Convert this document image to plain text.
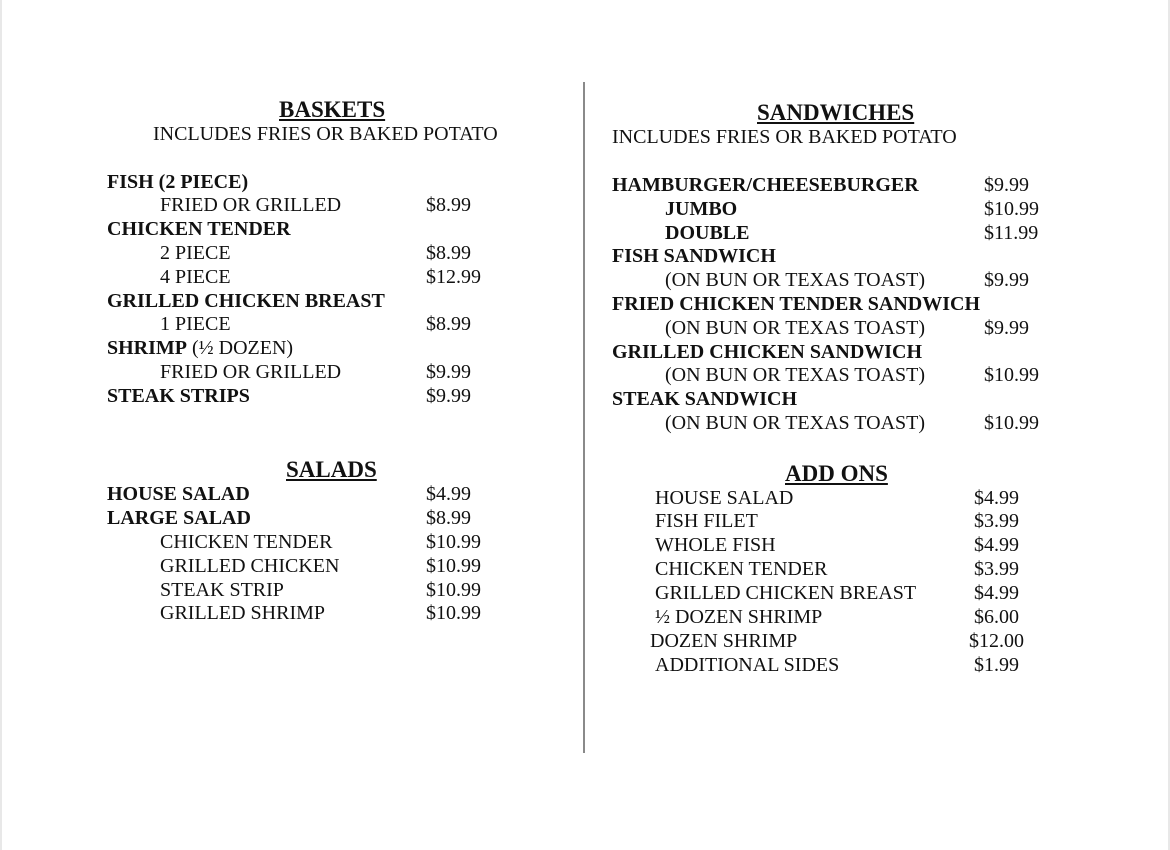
BASKETS
INCLUDES FRIES OR BAKED POTATO
FISH (2 PIECE)
FRIED OR GRILLED	$8.99
CHICKEN TENDER
2 PIECE	$8.99
4 PIECE	$12.99
GRILLED CHICKEN BREAST
1 PIECE	$8.99
SHRIMP (½ DOZEN)
FRIED OR GRILLED	$9.99
STEAK STRIPS	$9.99
SALADS
HOUSE SALAD	$4.99
LARGE SALAD	$8.99
CHICKEN TENDER	$10.99
GRILLED CHICKEN	$10.99
STEAK STRIP	$10.99
GRILLED SHRIMP	$10.99
SANDWICHES
INCLUDES FRIES OR BAKED POTATO
HAMBURGER/CHEESEBURGER	$9.99
JUMBO	$10.99
DOUBLE	$11.99
FISH SANDWICH
(ON BUN OR TEXAS TOAST)	$9.99
FRIED CHICKEN TENDER SANDWICH
(ON BUN OR TEXAS TOAST)	$9.99
GRILLED CHICKEN SANDWICH
(ON BUN OR TEXAS TOAST)	$10.99
STEAK SANDWICH
(ON BUN OR TEXAS TOAST)	$10.99
ADD ONS
HOUSE SALAD	$4.99
FISH FILET	$3.99
WHOLE FISH	$4.99
CHICKEN TENDER	$3.99
GRILLED CHICKEN BREAST	$4.99
½ DOZEN SHRIMP	$6.00
DOZEN SHRIMP	$12.00
ADDITIONAL SIDES	$1.99
